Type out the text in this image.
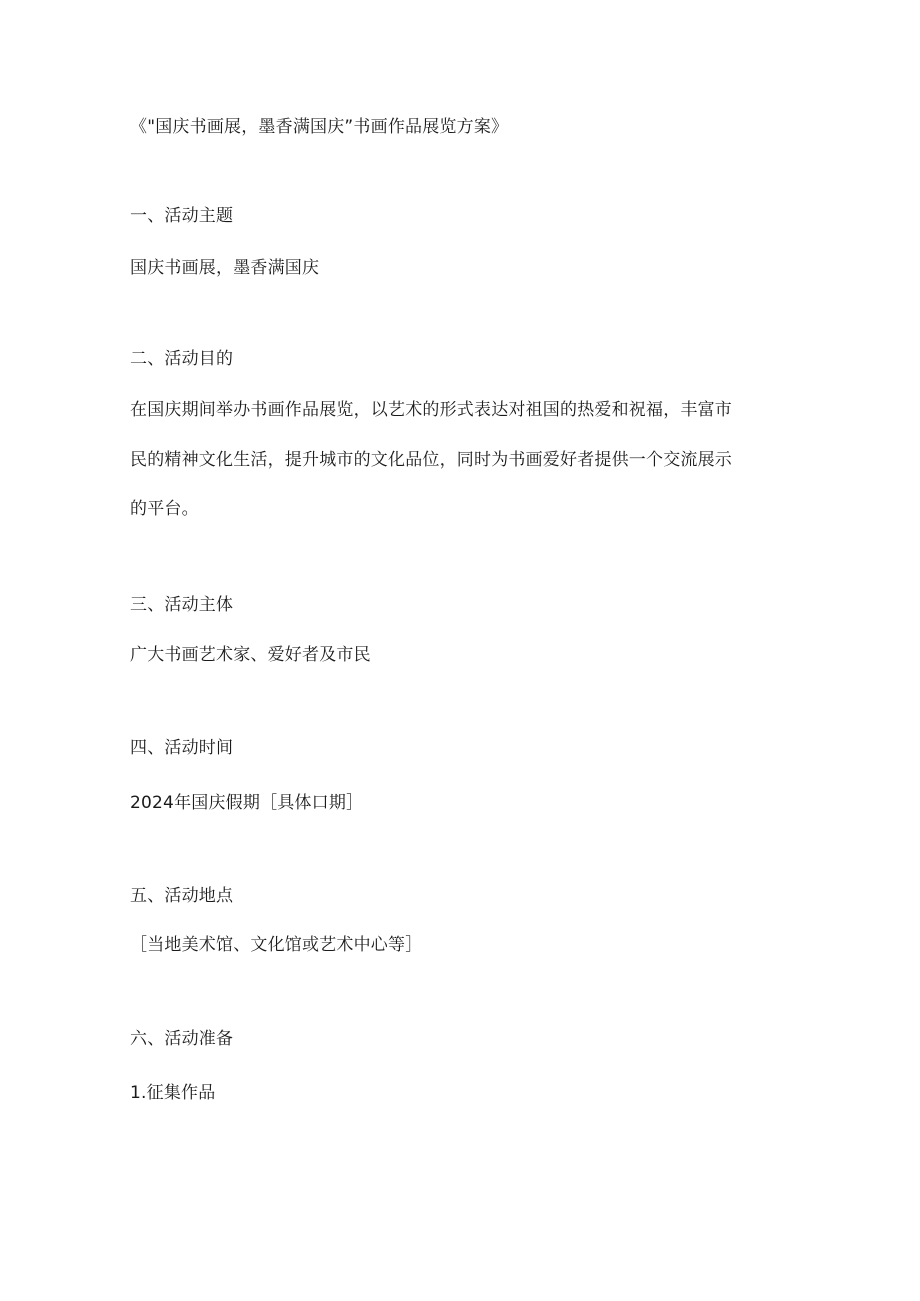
《"国庆书画展，墨香满国庆”书画作品展览方案》
一、活动主题
国庆书画展，墨香满国庆
二、活动目的
在国庆期间举办书画作品展览，以艺术的形式表达对祖国的热爱和祝福，丰富市
民的精神文化生活，提升城市的文化品位，同时为书画爱好者提供一个交流展示
的平台。
三、活动主体
广大书画艺术家、爱好者及市民
四、活动时间
2024年国庆假期［具体口期］
五、活动地点
［当地美术馆、文化馆或艺术中心等］
六、活动准备
1.征集作品
